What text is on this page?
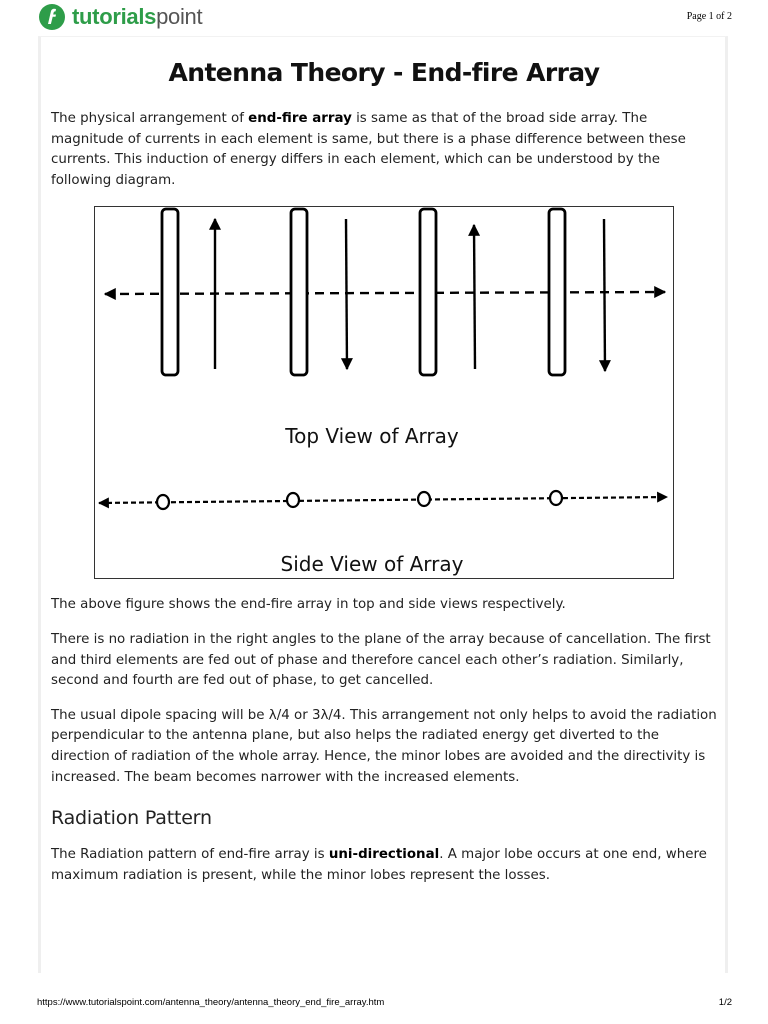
tutorialspoint	Page 1 of 2
Antenna Theory - End-fire Array

The physical arrangement of end-fire array is same as that of the broad side array. The magnitude of currents in each element is same, but there is a phase difference between these currents. This induction of energy differs in each element, which can be understood by the following diagram.

Top View of Array
Side View of Array

The above figure shows the end-fire array in top and side views respectively.

There is no radiation in the right angles to the plane of the array because of cancellation. The first and third elements are fed out of phase and therefore cancel each other’s radiation. Similarly, second and fourth are fed out of phase, to get cancelled.

The usual dipole spacing will be λ/4 or 3λ/4. This arrangement not only helps to avoid the radiation perpendicular to the antenna plane, but also helps the radiated energy get diverted to the direction of radiation of the whole array. Hence, the minor lobes are avoided and the directivity is increased. The beam becomes narrower with the increased elements.

Radiation Pattern

The Radiation pattern of end-fire array is uni-directional. A major lobe occurs at one end, where maximum radiation is present, while the minor lobes represent the losses.

https://www.tutorialspoint.com/antenna_theory/antenna_theory_end_fire_array.htm	1/2
